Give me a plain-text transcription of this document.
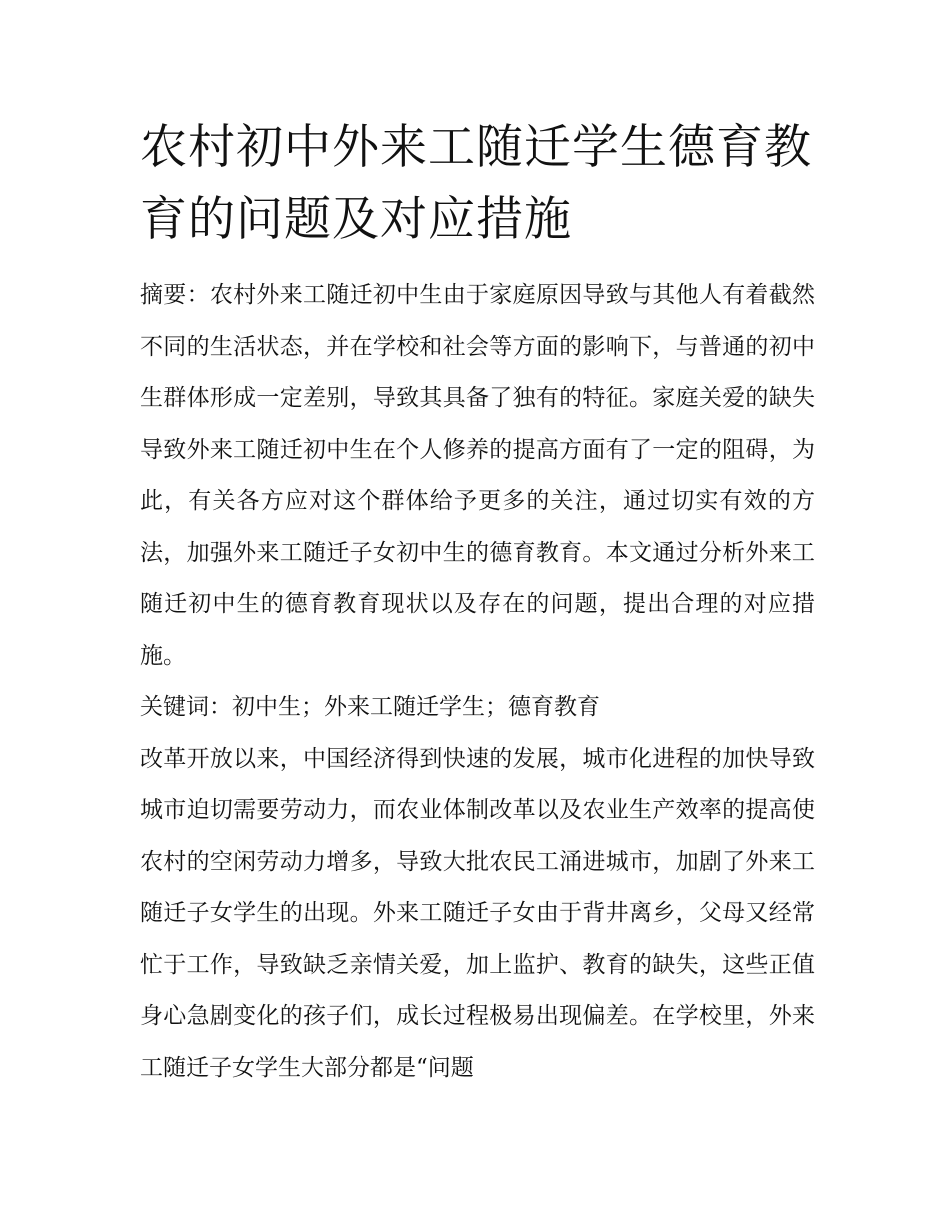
农村初中外来工随迁学生德育教育的问题及对应措施

摘要：农村外来工随迁初中生由于家庭原因导致与其他人有着截然不同的生活状态，并在学校和社会等方面的影响下，与普通的初中生群体形成一定差别，导致其具备了独有的特征。家庭关爱的缺失导致外来工随迁初中生在个人修养的提高方面有了一定的阻碍，为此，有关各方应对这个群体给予更多的关注，通过切实有效的方法，加强外来工随迁子女初中生的德育教育。本文通过分析外来工随迁初中生的德育教育现状以及存在的问题，提出合理的对应措施。

关键词：初中生；外来工随迁学生；德育教育

改革开放以来，中国经济得到快速的发展，城市化进程的加快导致城市迫切需要劳动力，而农业体制改革以及农业生产效率的提高使农村的空闲劳动力增多，导致大批农民工涌进城市，加剧了外来工随迁子女学生的出现。外来工随迁子女由于背井离乡，父母又经常忙于工作，导致缺乏亲情关爱，加上监护、教育的缺失，这些正值身心急剧变化的孩子们，成长过程极易出现偏差。在学校里，外来工随迁子女学生大部分都是“问题
